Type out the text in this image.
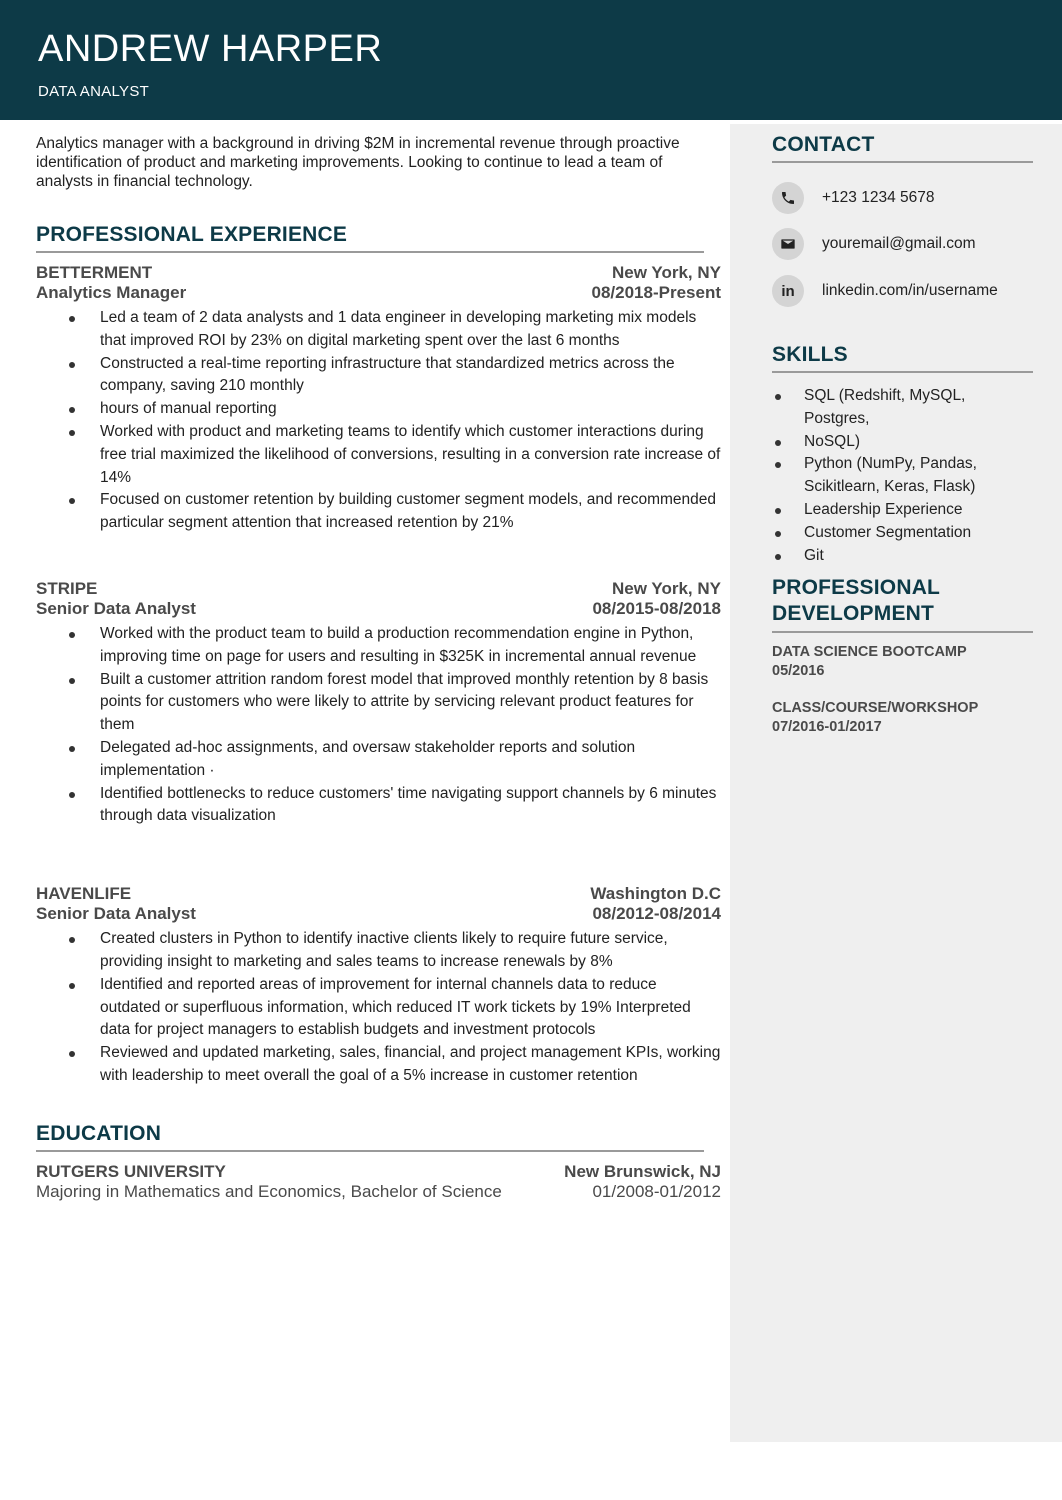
ANDREW HARPER
DATA ANALYST
CONTACT
+123 1234 5678
youremail@gmail.com
in linkedin.com/in/username
SKILLS
SQL (Redshift, MySQL, Postgres,
NoSQL)
Python (NumPy, Pandas, Scikitlearn, Keras, Flask)
Leadership Experience
Customer Segmentation
Git
PROFESSIONAL
DEVELOPMENT
DATA SCIENCE BOOTCAMP
05/2016
CLASS/COURSE/WORKSHOP
07/2016-01/2017
Analytics manager with a background in driving $2M in incremental revenue through proactive identification of product and marketing improvements. Looking to continue to lead a team of analysts in financial technology.
PROFESSIONAL EXPERIENCE
BETTERMENT	New York, NY
Analytics Manager	08/2018-Present
Led a team of 2 data analysts and 1 data engineer in developing marketing mix models that improved ROI by 23% on digital marketing spent over the last 6 months
Constructed a real-time reporting infrastructure that standardized metrics across the company, saving 210 monthly
hours of manual reporting
Worked with product and marketing teams to identify which customer interactions during free trial maximized the likelihood of conversions, resulting in a conversion rate increase of 14%
Focused on customer retention by building customer segment models, and recommended particular segment attention that increased retention by 21%
STRIPE	New York, NY
Senior Data Analyst	08/2015-08/2018
Worked with the product team to build a production recommendation engine in Python, improving time on page for users and resulting in $325K in incremental annual revenue
Built a customer attrition random forest model that improved monthly retention by 8 basis points for customers who were likely to attrite by servicing relevant product features for them
Delegated ad-hoc assignments, and oversaw stakeholder reports and solution implementation ·
Identified bottlenecks to reduce customers' time navigating support channels by 6 minutes through data visualization
HAVENLIFE	Washington D.C
Senior Data Analyst	08/2012-08/2014
Created clusters in Python to identify inactive clients likely to require future service, providing insight to marketing and sales teams to increase renewals by 8%
Identified and reported areas of improvement for internal channels data to reduce outdated or superfluous information, which reduced IT work tickets by 19% Interpreted data for project managers to establish budgets and investment protocols
Reviewed and updated marketing, sales, financial, and project management KPIs, working with leadership to meet overall the goal of a 5% increase in customer retention
EDUCATION
RUTGERS UNIVERSITY	New Brunswick, NJ
Majoring in Mathematics and Economics, Bachelor of Science	01/2008-01/2012
